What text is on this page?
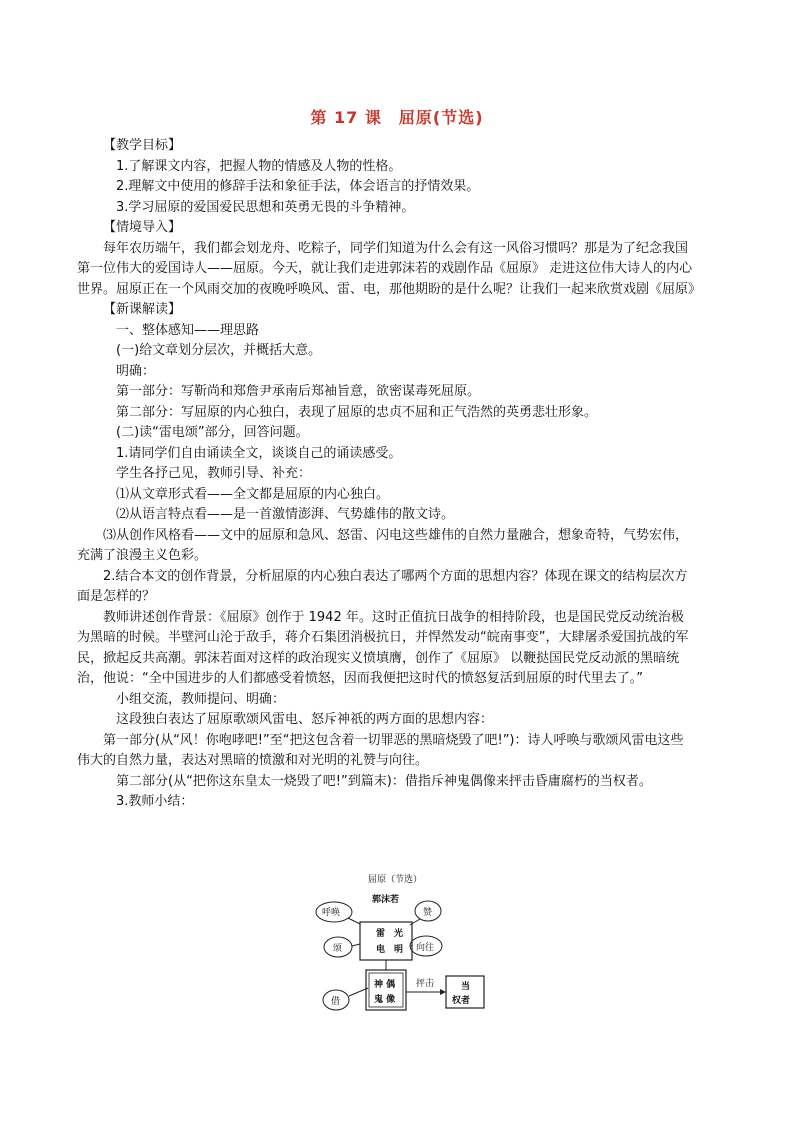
第 17 课　屈原(节选)

【教学目标】

1.了解课文内容，把握人物的情感及人物的性格。

2.理解文中使用的修辞手法和象征手法，体会语言的抒情效果。

3.学习屈原的爱国爱民思想和英勇无畏的斗争精神。

【情境导入】

每年农历端午，我们都会划龙舟、吃粽子，同学们知道为什么会有这一风俗习惯吗？那是为了纪念我国第一位伟大的爱国诗人——屈原。今天，就让我们走进郭沫若的戏剧作品《屈原》 走进这位伟大诗人的内心世界。屈原正在一个风雨交加的夜晚呼唤风、雷、电，那他期盼的是什么呢？让我们一起来欣赏戏剧《屈原》

【新课解读】

一、整体感知——理思路

(一)给文章划分层次，并概括大意。

明确：

第一部分：写靳尚和郑詹尹承南后郑袖旨意，欲密谋毒死屈原。

第二部分：写屈原的内心独白，表现了屈原的忠贞不屈和正气浩然的英勇悲壮形象。

(二)读“雷电颂”部分，回答问题。

1.请同学们自由诵读全文，谈谈自己的诵读感受。

学生各抒己见，教师引导、补充：

⑴从文章形式看——全文都是屈原的内心独白。

⑵从语言特点看——是一首激情澎湃、气势雄伟的散文诗。

⑶从创作风格看——文中的屈原和急风、怒雷、闪电这些雄伟的自然力量融合，想象奇特，气势宏伟，充满了浪漫主义色彩。

2.结合本文的创作背景，分析屈原的内心独白表达了哪两个方面的思想内容？体现在课文的结构层次方面是怎样的？

教师讲述创作背景：《屈原》创作于 1942 年。这时正值抗日战争的相持阶段，也是国民党反动统治极为黑暗的时候。半壁河山沦于敌手，蒋介石集团消极抗日，并悍然发动“皖南事变”，大肆屠杀爱国抗战的军民，掀起反共高潮。郭沫若面对这样的政治现实义愤填膺，创作了《屈原》 以鞭挞国民党反动派的黑暗统治，他说：“全中国进步的人们都感受着愤怒，因而我便把这时代的愤怒复活到屈原的时代里去了。”

小组交流，教师提问、明确：

这段独白表达了屈原歌颂风雷电、怒斥神祇的两方面的思想内容：

第一部分(从“风！你咆哮吧!”至“把这包含着一切罪恶的黑暗烧毁了吧!”)：诗人呼唤与歌颂风雷电这些伟大的自然力量，表达对黑暗的愤激和对光明的礼赞与向往。

第二部分(从“把你这东皇太一烧毁了吧!”到篇末)：借指斥神鬼偶像来抨击昏庸腐朽的当权者。

3.教师小结：

屈原（节选）
郭沫若
呼唤	赞
雷　光
电　明
颂	向往
借
神 偶
鬼 像
抨击	当
权者
